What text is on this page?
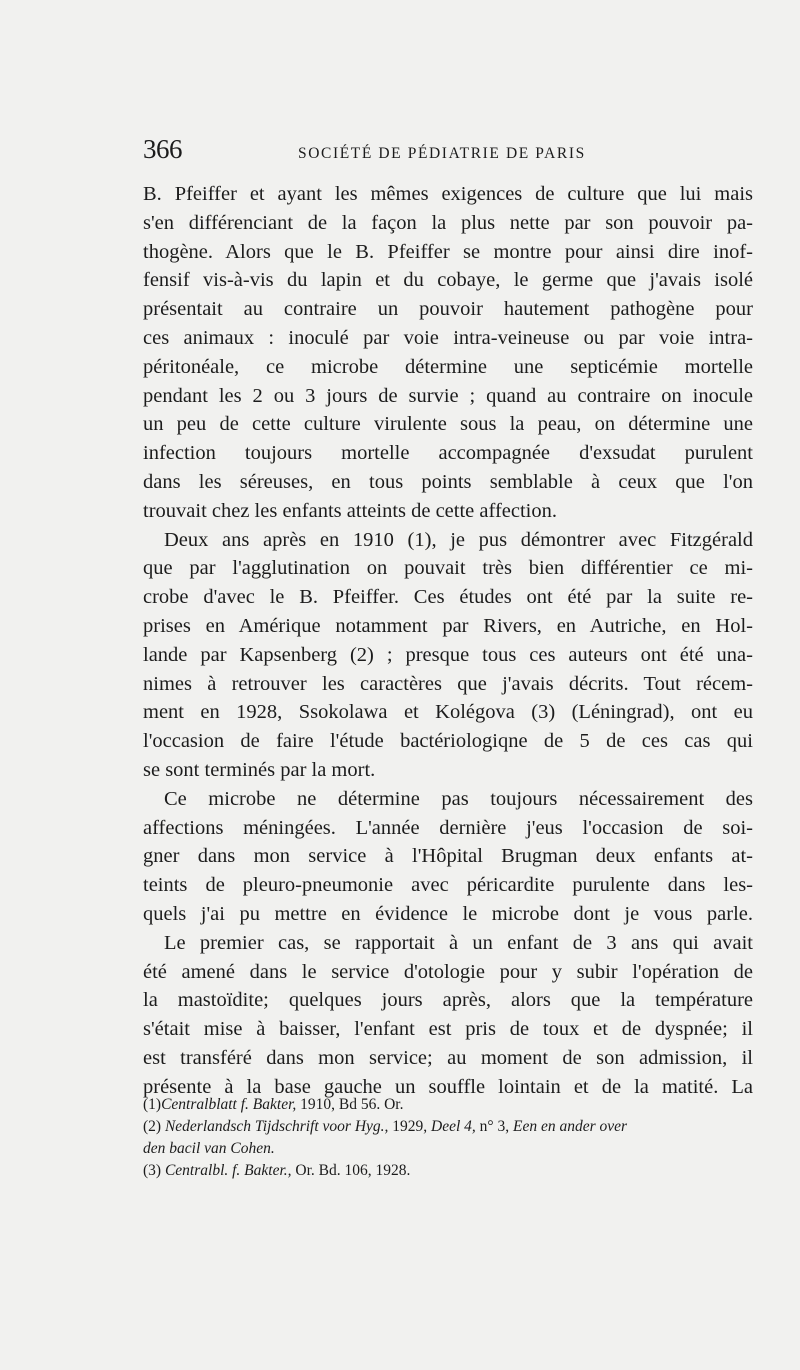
366	SOCIÉTÉ DE PÉDIATRIE DE PARIS
B. Pfeiffer et ayant les mêmes exigences de culture que lui mais
s'en différenciant de la façon la plus nette par son pouvoir pa-
thogène. Alors que le B. Pfeiffer se montre pour ainsi dire inof-
fensif vis-à-vis du lapin et du cobaye, le germe que j'avais isolé
présentait au contraire un pouvoir hautement pathogène pour
ces animaux : inoculé par voie intra-veineuse ou par voie intra-
péritonéale, ce microbe détermine une septicémie mortelle
pendant les 2 ou 3 jours de survie ; quand au contraire on inocule
un peu de cette culture virulente sous la peau, on détermine une
infection toujours mortelle accompagnée d'exsudat purulent
dans les séreuses, en tous points semblable à ceux que l'on
trouvait chez les enfants atteints de cette affection.
Deux ans après en 1910 (1), je pus démontrer avec Fitzgérald
que par l'agglutination on pouvait très bien différentier ce mi-
crobe d'avec le B. Pfeiffer. Ces études ont été par la suite re-
prises en Amérique notamment par Rivers, en Autriche, en Hol-
lande par Kapsenberg (2) ; presque tous ces auteurs ont été una-
nimes à retrouver les caractères que j'avais décrits. Tout récem-
ment en 1928, Ssokolawa et Kolégova (3) (Léningrad), ont eu
l'occasion de faire l'étude bactériologiqne de 5 de ces cas qui
se sont terminés par la mort.
Ce microbe ne détermine pas toujours nécessairement des
affections méningées. L'année dernière j'eus l'occasion de soi-
gner dans mon service à l'Hôpital Brugman deux enfants at-
teints de pleuro-pneumonie avec péricardite purulente dans les-
quels j'ai pu mettre en évidence le microbe dont je vous parle.
Le premier cas, se rapportait à un enfant de 3 ans qui avait
été amené dans le service d'otologie pour y subir l'opération de
la mastoïdite; quelques jours après, alors que la température
s'était mise à baisser, l'enfant est pris de toux et de dyspnée; il
est transféré dans mon service; au moment de son admission, il
présente à la base gauche un souffle lointain et de la matité. La
(1)Centralblatt f. Bakter, 1910, Bd 56. Or.
(2) Nederlandsch Tijdschrift voor Hyg., 1929, Deel 4, n° 3, Een en ander over
den bacil van Cohen.
(3) Centralbl. f. Bakter., Or. Bd. 106, 1928.
